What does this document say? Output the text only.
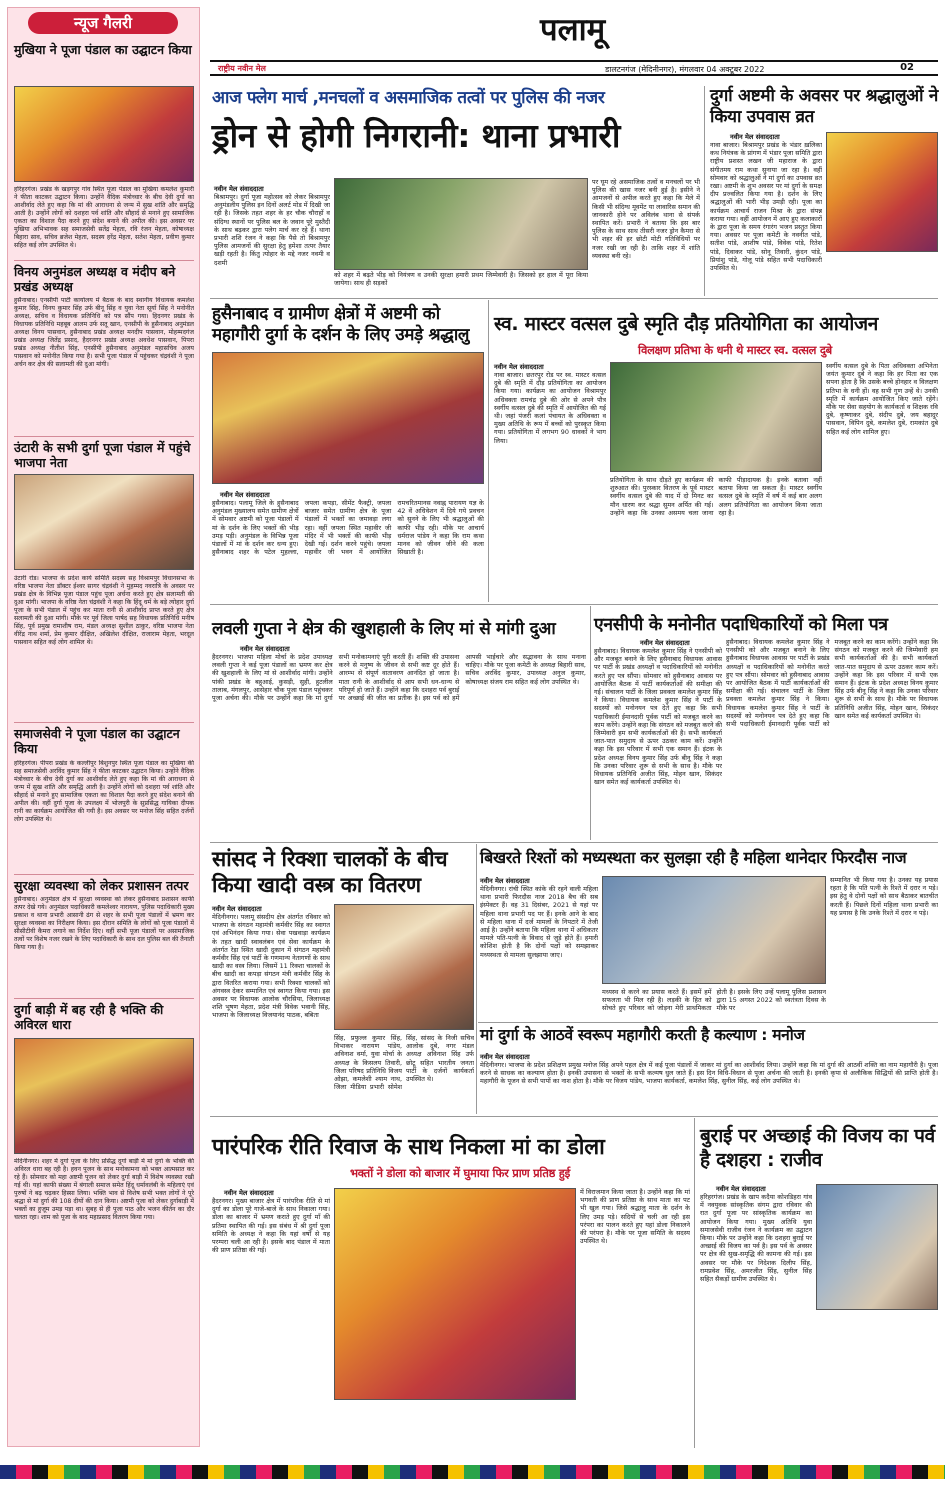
न्यूज गैलरी
मुखिया ने पूजा पंडाल का उद्घाटन किया
हरिहरगंज। प्रखंड के खड़गपुर गांव स्थित पूजा पंडाल का मुखिया कमलेश कुमारी ने फीता काटकर उद्घाटन किया। उन्होंने वैदिक मंत्रोच्चार के बीच देवी दुर्गा का आशीर्वाद लेते हुए कहा कि मां की आराधना से जन्म में सुख शांति और समृद्धि आती है। उन्होंने लोगों को दशहरा पर्व शांति और सौहार्द से मनाने हुए सामाजिक एकता का विशाल पैदा करने हुए संदेश बनाने की अपील की। इस अवसर पर मुखिया अभिभावक सह समाजसेवी सतेंद्र मेहता, रवि रंजन मेहता, कोषाध्यक्ष बिहारा साव, सचिव ब्रजेश मेहता, सदस्य हरेंद्र मेहता, सतेश मेहता, प्रवीण कुमार सहित कई लोग उपस्थित थे।
विनय अनुमंडल अध्यक्ष व मंदीप बने प्रखंड अध्यक्ष
हुसैनाबाद। एनसीपी पार्टी कार्यालय में बैठक के बाद स्थानीय विधायक कमलेश कुमार सिंह, विनय कुमार सिंह उर्फ बीनू सिंह व युवा नेता सूर्या सिंह ने मनोनीत अध्यक्ष, सचिव व विधायक प्रतिनिधि को पत्र सौंप गया। हिदनगर प्रखंड के विधायक प्रतिनिधि महबूब आलम उर्फ सतू खान, एनसीपी के हुसैनाबाद अनुमंडल अध्यक्ष विनय पासवान, हुसैनाबाद प्रखंड अध्यक्ष मनदीप पासवान, मोहम्मदगंज प्रखंड अध्यक्ष जितेंद्र प्रसाद, हैदरनगर प्रखंड अध्यक्ष अवधेश पासवान, पिपरा प्रखंड अध्यक्ष नीतीश सिंह, एनसीपी हुसैनाबाद अनुमंडल महासचिव अजय पासवान को मनोनीत किया गया है। सभी पूजा पंडाल में पहुंचकर चंद्रवंशी ने पूजा अर्चन कर क्षेत्र की सलामती की दुआ मांगी।
उंटारी के सभी दुर्गा पूजा पंडाल में पहुंचे भाजपा नेता
उंटारी रोड। भाजपा के प्रदेश कार्य समिति सदस्य सह विश्रामपुर विधानसभा के वरिष्ठ भाजपा नेता डॉक्टर ईश्वर सागर चंद्रवंशी ने मुहम्मद नवरात्रि के अवसर पर प्रखंड क्षेत्र के विभिन्न पूजा पंडाल पहुंच पूजा अर्चना करते हुए क्षेत्र सलामती की दुआ मांगी। भाजपा के वरिष्ठ नेता चंद्रवंशी ने कहा कि हिंदू धर्म के बड़े त्योहार दुर्गा पूजा के सभी पंडाल में पहुंच कर माता रानी से आशीर्वाद प्राप्त करते हुए क्षेत्र सलामती की दुआ मांगी। मौके पर पूर्व जिला पार्षद सह विधायक प्रतिनिधि मनीष सिंह, पूर्व प्रमुख रामाशीष राम, मंडल अध्यक्ष सुशील ठाकुर, वरिष्ठ भाजपा नेता वीरेंद्र नाथ शर्मा, प्रेम कुमार दीक्षित, अखिलेश दीक्षित, राजाराम मेहता, भरदूल पासवान सहित कई लोग शामिल थे।
समाजसेवी ने पूजा पंडाल का उद्घाटन किया
हरिहरगंज। पीपरा प्रखंड के कल्लीपुर बिशुनपुर स्थित पूजा पंडाल का मुखिया की सह समाजसेवी अरविंद कुमार सिंह ने फीता काटकर उद्घाटन किया। उन्होंने वैदिक मंत्रोच्चार के बीच देवी दुर्गा का आशीर्वाद लेते हुए कहा कि मां की आराधना से जन्म में सुख शांति और समृद्धि आती है। उन्होंने लोगों को दशहरा पर्व शांति और सौहार्द से मनाने हुए सामाजिक एकता का विशाल पैदा करने हुए संदेश बनाने की अपील की। वहीं दुर्गा पूजा के उपलक्ष्य में भोजपुरी के सुप्रसिद्ध गायिका दीपक रानी का कार्यक्रम आयोजित की गयी है। इस अवसर पर मनोज सिंह सहित दर्जनों लोग उपस्थित थे।
सुरक्षा व्यवस्था को लेकर प्रशासन तत्पर
हुसैनाबाद। अनुमंडल क्षेत्र में सुरक्षा व्यवस्था को लेकर हुसैनाबाद प्रशासन काफी तत्पर देखे गये। अनुमंडल पदाधिकारी कमलेश्वर नारायण, पुलिस पदाधिकारी मुख्य प्रकाश व थाना प्रभारी आसानी ढंग से शहर के सभी पूजा पंडालों में भ्रमण कर सुरक्षा व्यवस्था का निरीक्षण किया। इस दौरान समिति के लोगों को पूजा पंडालों में सीसीटीवी कैमरा लगाने का निर्देश दिए। वहीं सभी पूजा पंडालों पर असामाजिक तत्वों पर विशेष नजर रखने के लिए पदाधिकारी के साथ दल पुलिस बल की तैनाती किया गया है।
दुर्गा बाड़ी में बह रही है भक्ति की अविरल धारा
मेदिनीनगर। शहर में दुर्गा पूजा के लिए प्रसिद्ध दुर्गा बाड़ी में मां दुर्गा के भक्ति की अविरल धारा बह रही है। हवन पूजन के साथ मनोकामना को भक्त आत्मसात कर रहे हैं। सोमवार को महा अष्टमी पूजन को लेकर दुर्गा बाड़ी में विशेष व्यवस्था रखी गई थी। यहां काफी संख्या में बंगाली समाज समेत हिंदू धर्मावलंबी के महिलाएं एवं पुरुषों ने बढ़ चढ़कर हिस्सा लिया। भक्ति भाव से विशेष सभी भक्त लोगों ने पूरे श्रद्धा से मां दुर्गा की 108 दीयों की दान किया। अष्टमी पूजा को लेकर दुर्गाबाड़ी में भक्तों का हुजूम उमड़ पड़ा था। सुबह से ही पूजा पाठ और भजन कीर्तन का दौर चलता रहा। शाम को पूजा के बाद महाप्रसाद वितरण किया गया।
पलामू
राष्ट्रीय नवीन मेल	डालटनगंज (मेदिनीनगर), मंगलवार 04 अक्टूबर 2022	02
आज फ्लेग मार्च ,मनचलों व असमाजिक तत्वों पर पुलिस की नजर
ड्रोन से होगी निगरानी: थाना प्रभारी
नवीन मेल संवाददाता
बिश्रामपुर। दुर्गा पूजा महोत्सव को लेकर बिश्रामपुर अनुमंडलीय पुलिस इन दिनों अलर्ट मोड में दिखी जा रही है। जिसके तहत शहर के हर चौक चौराहों व संदिग्ध स्थानों पर पुलिस बल के जवान पूरे मुस्तैदी के साथ बढ़कर द्वारा पलेग मार्च कर रहे हैं। थाना प्रभारी शशि रंजन ने कहा कि पैसे तो बिश्रामपुर पुलिस आमजनों की सुरक्षा हेतु हमेशा तत्पर तैयार खड़ी रहती है। किंतु त्योहार के मद्दे नजर नवमी व दशमी
को शहर में बढ़ते भीड़ को नियंत्रण व उनकी सुरक्षा हमारी प्रथम जिम्मेवारी है। जिसको हर हाल में पूरा किया जायेगा। साथ ही सड़कों
पर घूम रहे असमाजिक तत्वों व मनचलों पर भी पुलिस की खास नजर बनी हुई है। इसीने ने आमजनों से अपील करते हुए कहा कि मेले में किसी भी संदिग्ध मूवमेंट या लावारिस समान की जानकारी होने पर अविलंब थाना से संपर्क स्थापित करें। प्रभारी ने बताया कि इस बार पुलिस के साथ साथ तीसरी नजर ड्रोन कैमरा से भी शहर की हर छोटी मोटी गतिविधियों पर नजर रखी जा रही है। ताकि शहर में शांति व्यवस्था बनी रहे।
दुर्गा अष्टमी के अवसर पर श्रद्धालुओं ने किया उपवास व्रत
नवीन मेल संवाददाता
नावा बाजार। बिश्रामपुर प्रखंड के भंडार ख़लिका कथ नियंत्रक के प्रांगण में भंडार पूजा समिति द्वारा राष्ट्रीय प्रशस्त लखन जी महाराज के द्वारा संगीतमय राम कथा सुनाया जा रहा है। वहीं सोमवार को श्रद्धालुओं ने मां दुर्गा का उपवास व्रत रखा। अष्टमी के शुभ अवसर पर मां दुर्गा के समक्ष दीप प्रज्वलित किया गया है। दर्शन के लिए श्रद्धालुओं की भारी भीड़ उमड़ी रही। पूजा का कार्यक्रम आचार्य राजन मिश्रा के द्वारा संपन्न कराया गया। वहीं आयोजन में आए हुए कलाकारों के द्वारा पूजा के समय रंगारंग भजन प्रस्तुत किया गया। अवसर पर पूजा कमेटी के नवनीत पांडे, सतीश पांडे, आशीष पांडे, विवेक पांडे, रितेश पांडे, दिवाकर पांडे, सोनू तिवारी, कुंदन पांडे, प्रियांशु पांडे, गोलू पांडे सहित सभी पदाधिकारी उपस्थित थे।
हुसैनाबाद व ग्रामीण क्षेत्रों में अष्टमी को महागौरी दुर्गा के दर्शन के लिए उमड़े श्रद्धालु
नवीन मेल संवाददाता
हुसैनाबाद। पलामू जिले के हुसैनाबाद अनुमंडल मुख्यालय समेत ग्रामीण क्षेत्रों में सोमवार अष्टमी को पूजा पंडालों में मां के दर्शन के लिए भक्तों की भीड़ उमड़ पड़ी। अनुमंडल के विभिन्न पूजा पंडालों में मां के दर्शन कर धन्य हुए। हुसैनाबाद शहर के पटेल मुहल्ला, जपला कपड़ा, सीमेंट फैक्ट्री, जपला बाजार समेत ग्रामीण क्षेत्र के पूजा पंडालों में भक्तों का जमावड़ा लगा रहा। वहीं जपला स्थित महावीर जी मंदिर में भी भक्तों की काफी भीड़ देखी गई। दर्शन करने पहुंचे। जपला महावीर जी भवन में आयोजित रामचरितमानस नवाह्न पारायण यज्ञ के 42 वें अधिवेशन में दिये गये प्रवचन को सुनने के लिए भी श्रद्धालुओं की काफी भीड़ रही। मौके पर आचार्य धर्मराज पांडेय ने कहा कि राम कथा मानव को जीवन जीने की कला सिखाती है।
स्व. मास्टर वत्सल दुबे स्मृति दौड़ प्रतियोगिता का आयोजन
विलक्षण प्रतिभा के धनी थे मास्टर स्व. वत्सल दुबे
नवीन मेल संवाददाता
नावा बाजार। छतरपुर रोड पर स्व. मास्टर वत्सल दुबे की स्मृति में दौड़ प्रतियोगिता का आयोजन किया गया। कार्यक्रम का आयोजन विश्रामपुर अधिवक्ता रामचंद्र दुबे की ओर से अपने पौत्र स्वर्गीय वत्सल दुबे की स्मृति में आयोजित की गई थी। जहां पंजरी कलां पंचायत के अधिवक्ता व मुख्य अतिथि के रूप में बच्चों को पुरस्कृत किया गया। प्रतियोगिता में लगभग 90 धावकों ने भाग लिया।
प्रतियोगिता के साथ दौड़ते हुए कार्यक्रम की शुरुआत की। पुरस्कार वितरण के पूर्व मास्टर स्वर्गीय वत्सल दुबे की याद में दो मिनट का मौन धारण कर श्रद्धा सुमन अर्पित की गई। उन्होंने कहा कि उनका असमय चला जाना काफी पीड़ादायक है। इनके बतावा नहीं बताया किया जा सकता है। मास्टर स्वर्गीय वत्सल दुबे के स्मृति में वर्ष में कई बार अलग अलग प्रतियोगिता का आयोजन किया जाता रहा है।
स्वर्गीय वत्सल दुबे के पिता अधिवक्ता अभिनेता जयंत कुमार दुबे ने कहा कि हर पिता का एक सपना होता है कि उसके बच्चे होनहार व विलक्षण प्रतिभा के धनी हों। वह सभी गुण उन्हें थे। उनकी स्मृति में कार्यक्रम आयोजित किए जाते रहेंगे। मौके पर सेवा सहयोग के कार्यकर्ता व शिक्षक रवि दुबे, कृष्णाकर दुबे, संदीप दुबे, जय बहादुर पासवान, विपिन दुबे, कमलेश दुबे, रामकांत दुबे सहित कई लोग शामिल हुए।
लवली गुप्ता ने क्षेत्र की खुशहाली के लिए मां से मांगी दुआ
नवीन मेल संवाददाता
हैदरनगर। भाजपा महिला मोर्चा के प्रदेश उपाध्यक्ष लवली गुप्ता ने कई पूजा पंडालों का भ्रमण कर क्षेत्र की खुशहाली के लिए मां से आशीर्वाद मांगी। उन्होंने पांकी प्रखंड के बहुआई, कुसड़ी, सुही, हुटलील तालाब, मंगलपुर, आसेहार चौक पूजा पंडाल पहुंचकर पूजा अर्चना की। मौके पर उन्होंने कहा कि मां दुर्गा सभी मनोकामनाएं पूरी करती हैं। शक्ति की उपासना करने से मनुष्य के जीवन से सभी कष्ट दूर होते हैं। आरम्भ से संपूर्ण वातावरण आनंदित हो जाता है। माता रानी के आशीर्वाद से आप सभी धन-धान्य से परिपूर्ण हो जाते हैं। उन्होंने कहा कि दशहरा पर्व बुराई पर अच्छाई की जीत का प्रतीक है। इस पर्व को हमें आपसी भाईचारे और सद्भावना के साथ मनाना चाहिए। मौके पर पूजा कमेटी के अध्यक्ष बिहारी साव, सचिव अरविंद कुमार, उपाध्यक्ष अनुज कुमार, कोषाध्यक्ष संजय राम सहित कई लोग उपस्थित थे।
एनसीपी के मनोनीत पदाधिकारियों को मिला पत्र
नवीन मेल संवाददाता
हुसैनाबाद। विधायक कमलेश कुमार सिंह ने एनसीपी को और मजबूत बनाने के लिए हुसैनाबाद विधायक आवास पर पार्टी के प्रखंड अध्यक्षों व पदाधिकारियों को मनोनीत करते हुए पत्र सौंपा। सोमवार को हुसैनाबाद आवास पर आयोजित बैठक में पार्टी कार्यकर्ताओं की समीक्षा की गई। संचालन पार्टी के जिला प्रवक्ता कमलेश कुमार सिंह ने किया। विधायक कमलेश कुमार सिंह ने पार्टी के सदस्यों को मनोनयन पत्र देते हुए कहा कि सभी पदाधिकारी ईमानदारी पूर्वक पार्टी को मजबूत करने का काम करेंगे। उन्होंने कहा कि संगठन को मजबूत करने की जिम्मेवारी हम सभी कार्यकर्ताओं की है। सभी कार्यकर्ता जात-पात समुदाय से ऊपर उठकर काम करें। उन्होंने कहा कि इस परिवार में सभी एक समान हैं। इंटक के प्रदेश अध्यक्ष विनय कुमार सिंह उर्फ बीनू सिंह ने कहा कि उनका परिवार शुरू से सभी के साथ है। मौके पर विधायक प्रतिनिधि अजीत सिंह, मोहन खान, सिकंदर खान समेत कई कार्यकर्ता उपस्थित थे।
हुसैनाबाद। विधायक कमलेश कुमार सिंह ने एनसीपी को और मजबूत बनाने के लिए हुसैनाबाद विधायक आवास पर पार्टी के प्रखंड अध्यक्षों व पदाधिकारियों को मनोनीत करते हुए पत्र सौंपा। सोमवार को हुसैनाबाद आवास पर आयोजित बैठक में पार्टी कार्यकर्ताओं की समीक्षा की गई। संचालन पार्टी के जिला प्रवक्ता कमलेश कुमार सिंह ने किया। विधायक कमलेश कुमार सिंह ने पार्टी के सदस्यों को मनोनयन पत्र देते हुए कहा कि सभी पदाधिकारी ईमानदारी पूर्वक पार्टी को मजबूत करने का काम करेंगे। उन्होंने कहा कि संगठन को मजबूत करने की जिम्मेवारी हम सभी कार्यकर्ताओं की है। सभी कार्यकर्ता जात-पात समुदाय से ऊपर उठकर काम करें। उन्होंने कहा कि इस परिवार में सभी एक समान हैं। इंटक के प्रदेश अध्यक्ष विनय कुमार सिंह उर्फ बीनू सिंह ने कहा कि उनका परिवार शुरू से सभी के साथ है। मौके पर विधायक प्रतिनिधि अजीत सिंह, मोहन खान, सिकंदर खान समेत कई कार्यकर्ता उपस्थित थे।
सांसद ने रिक्शा चालकों के बीच किया खादी वस्त्र का वितरण
नवीन मेल संवाददाता
मेदिनीनगर। पलामू संसदीय क्षेत्र अंतर्गत रविवार को भाजपा के संगठन महामंत्री कर्मवीर सिंह का स्वागत एवं अभिनंदन किया गया। सेवा पखवाड़ा कार्यक्रम के तहत खादी स्वावलंबन एवं सेवा कार्यक्रम के अंतर्गत रेड़ा स्थित खादी दुकान में संगठन महामंत्री कर्मवीर सिंह एवं पार्टी के गणमान्य नेतागणों के साथ खादी का वस्त्र लिया। जिसमें 11 रिक्शा चालकों के बीच खादी का कपड़ा संगठन मंत्री कर्मवीर सिंह के द्वारा वितरित कराया गया। सभी रिक्शा चालकों को अंगवस्त्र देकर सम्मानित एवं स्वागत किया गया। इस अवसर पर विधायक आलोक चौरसिया, जिलाध्यक्ष शशि भूषण मेहता, प्रदेश मंत्री विवेक भवानी सिंह, भाजपा के जिलाध्यक्ष विजयानंद पाठक, बबिता
सिंह, प्रफुल्ल कुमार सिंह, विभाकर नारायण पांडेय, अविनाश वर्मा, युवा मोर्चा के अध्यक्ष के किसलय तिवारी, जिला परिषद प्रतिनिधि विजय ओझा, कमलेशी श्याम नाथ, जिला मीडिया प्रभारी सोमेश सिंह, सांसद के निजी सचिव आलोक दुबे, नगर मंडल अध्यक्ष अविनाश सिंह उर्फ छोटू सहित भारतीय जनता पार्टी के दर्जनों कार्यकर्ता उपस्थित थे।
बिखरते रिश्तों को मध्यस्थता कर सुलझा रही है महिला थानेदार फिरदौस नाज
नवीन मेल संवाददाता
मेदिनीनगर। रांची स्थित कांके की रहने वाली महिला थाना प्रभारी फिरदौस नाज 2018 बैच की सब इंस्पेक्टर हैं। वह 31 दिसंबर, 2021 से यहां पर महिला थाना प्रभारी पद पर हैं। इनके आने के बाद से महिला थाना में दर्ज मामलों के निपटारे में तेजी आई है। उन्होंने बताया कि महिला थाना में अधिकतर मामले पति-पत्नी के विवाद से जुड़े होते हैं। हमारी कोशिश होती है कि दोनों पक्षों को समझाकर मध्यस्थता से मामला सुलझाया जाए।
मध्यस्थ से करने का प्रयास करते हैं। इसमें हमें सफलता भी मिल रही है। लड़की के हित को सोचते हुए परिवार को जोड़ना मेरी प्राथमिकता होती है। इसके लिए उन्हें पलामू पुलिस प्रशासन द्वारा 15 अगस्त 2022 को स्वतंत्रता दिवस के मौके पर
सम्मानित भी किया गया है। उनका यह प्रयास रहता है कि पति पत्नी के रिश्ते में दरार न पड़े। इस हेतु वे दोनों पक्षों को साथ बैठाकर बातचीत करती हैं। पिछले दिनों महिला थाना प्रभारी का यह प्रयास है कि उनके रिश्ते में दरार न पड़े।
मां दुर्गा के आठवें स्वरूप महागौरी करती है कल्याण : मनोज
नवीन मेल संवाददाता
मेदिनीनगर। भाजपा के प्रदेश प्रशिक्षण प्रमुख मनोज सिंह अपने पहल क्षेत्र में कई पूजा पंडालों में जाकर मां दुर्गा का आशीर्वाद लिया। उन्होंने कहा कि मां दुर्गा की आठवीं शक्ति का नाम महागौरी है। पूजा करने से साधक का कल्याण होता है। इनकी उपासना से भक्तों के सभी कल्मष धुल जाते हैं। इस दिन विधि-विधान से पूजा अर्चना की जाती है। इनकी कृपा से अलौकिक सिद्धियों की प्राप्ति होती है। महागौरी के पूजन से सभी पापों का नाश होता है। मौके पर विजय पांडेय, भाजपा कार्यकर्ता, कमलेश सिंह, सुनील सिंह, कई लोग उपस्थित थे।
पारंपरिक रीति रिवाज के साथ निकला मां का डोला
भक्तों ने डोला को बाजार में घुमाया फिर प्राण प्रतिष्ठ हुई
नवीन मेल संवाददाता
हैदरनगर। मुख्य बाजार क्षेत्र में पारंपरिक रीति से मां दुर्गा का डोला पूरे गाजे-बाजे के साथ निकाला गया। डोला का बाजार में भ्रमण कराते हुए दुर्गा माँ की प्रतिमा स्थापित की गई। इस संबंध में श्री दुर्गा पूजा समिति के अध्यक्ष ने कहा कि यहां वर्षों से यह परम्परा चली आ रही है। इसके बाद पंडाल में माता की प्राण प्रतिष्ठा की गई।
में विराजमान किया जाता है। उन्होंने कहा कि मां भगवती की प्राण प्रतिष्ठा के साथ माता का पट भी खुल गया। जिसे श्रद्धालु माता के दर्शन के लिए उमड़ पड़े। सदियों से चली आ रही इस परंपरा का पालन करते हुए यहां डोला निकालने की परंपरा है। मौके पर पूजा समिति के सदस्य उपस्थित थे।
बुराई पर अच्छाई की विजय का पर्व है दशहरा : राजीव
नवीन मेल संवाददाता
हरिहरगंज। प्रखंड के खाप कदैया कोशडिहरा गांव में नवयुवक सांस्कृतिक संगम द्वारा रविवार की रात दुर्गा पूजा पर सांस्कृतिक कार्यक्रम का आयोजन किया गया। मुख्य अतिथि युवा समाजसेवी राजीव रंजन ने कार्यक्रम का उद्घाटन किया। मौके पर उन्होंने कहा कि दशहरा बुराई पर अच्छाई की विजय का पर्व है। इस पर्व के अवसर पर क्षेत्र की सुख-समृद्धि की कामना की गई। इस अवसर पर मौके पर निदेशक दिलीप सिंह, रामप्रवेश सिंह, अमरजीत सिंह, सुनील सिंह सहित सैकड़ों ग्रामीण उपस्थित थे।
